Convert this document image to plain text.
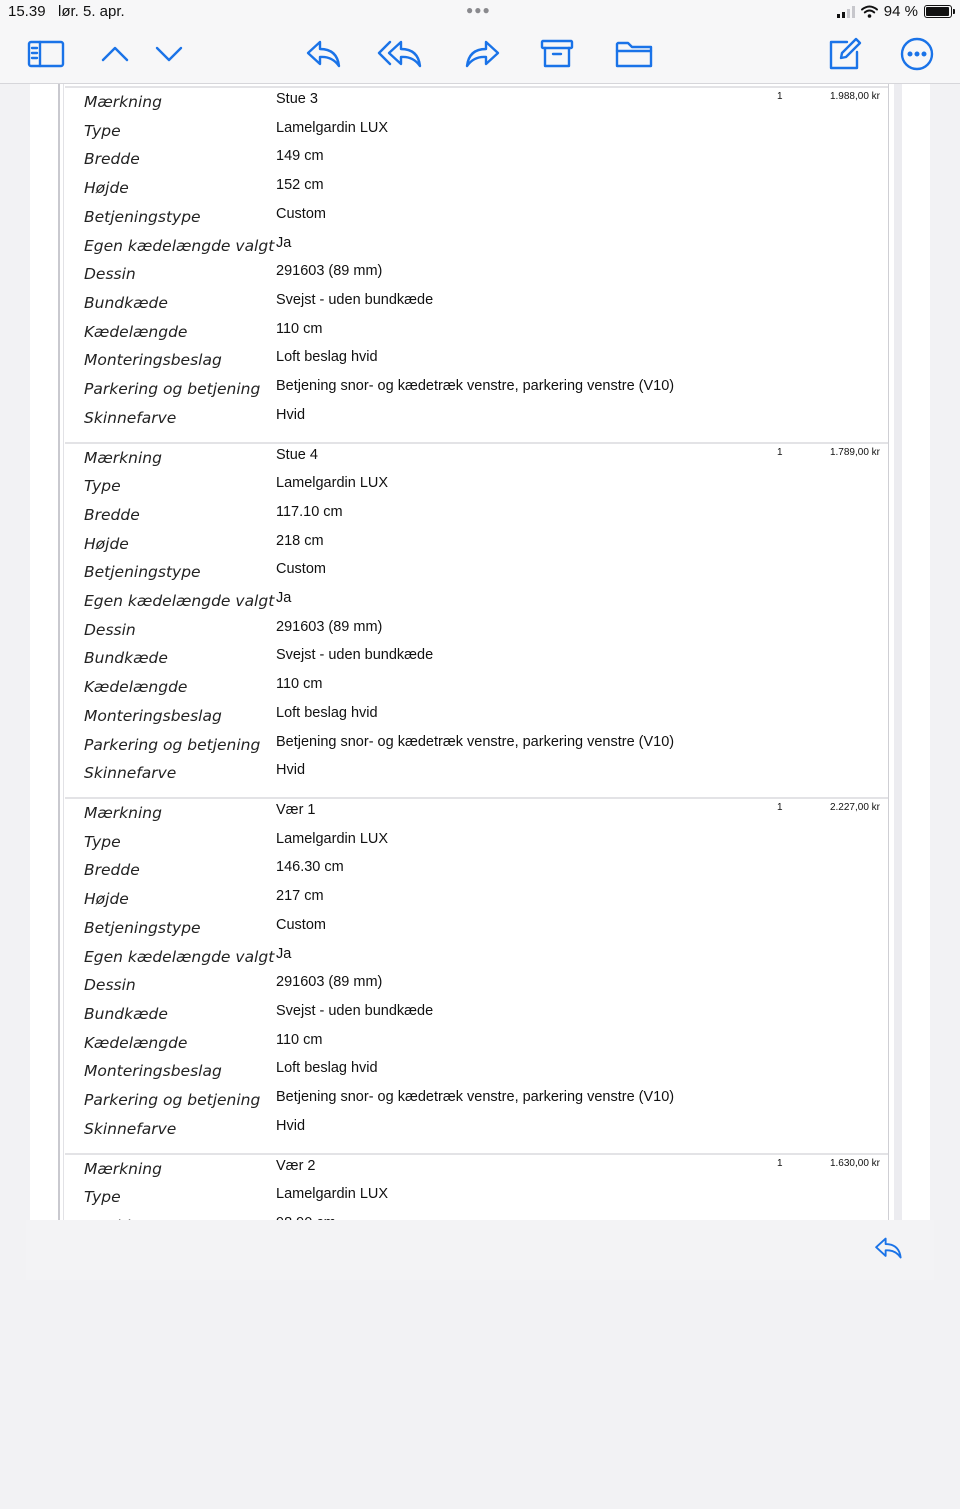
15.39 lør. 5. apr.	●●●	94 %
1	1.988,00 kr
Mærkning	Stue 3
Type	Lamelgardin LUX
Bredde	149 cm
Højde	152 cm
Betjeningstype	Custom
Egen kædelængde valgt Ja
Dessin	291603 (89 mm)
Bundkæde	Svejst - uden bundkæde
Kædelængde	110 cm
Monteringsbeslag	Loft beslag hvid
Parkering og betjening Betjening snor- og kædetræk venstre, parkering venstre (V10)
Skinnefarve	Hvid
1	1.789,00 kr
Mærkning	Stue 4
Type	Lamelgardin LUX
Bredde	117.10 cm
Højde	218 cm
Betjeningstype	Custom
Egen kædelængde valgt Ja
Dessin	291603 (89 mm)
Bundkæde	Svejst - uden bundkæde
Kædelængde	110 cm
Monteringsbeslag	Loft beslag hvid
Parkering og betjening Betjening snor- og kædetræk venstre, parkering venstre (V10)
Skinnefarve	Hvid
1	2.227,00 kr
Mærkning	Vær 1
Type	Lamelgardin LUX
Bredde	146.30 cm
Højde	217 cm
Betjeningstype	Custom
Egen kædelængde valgt Ja
Dessin	291603 (89 mm)
Bundkæde	Svejst - uden bundkæde
Kædelængde	110 cm
Monteringsbeslag	Loft beslag hvid
Parkering og betjening Betjening snor- og kædetræk venstre, parkering venstre (V10)
Skinnefarve	Hvid
1	1.630,00 kr
Mærkning	Vær 2
Type	Lamelgardin LUX
